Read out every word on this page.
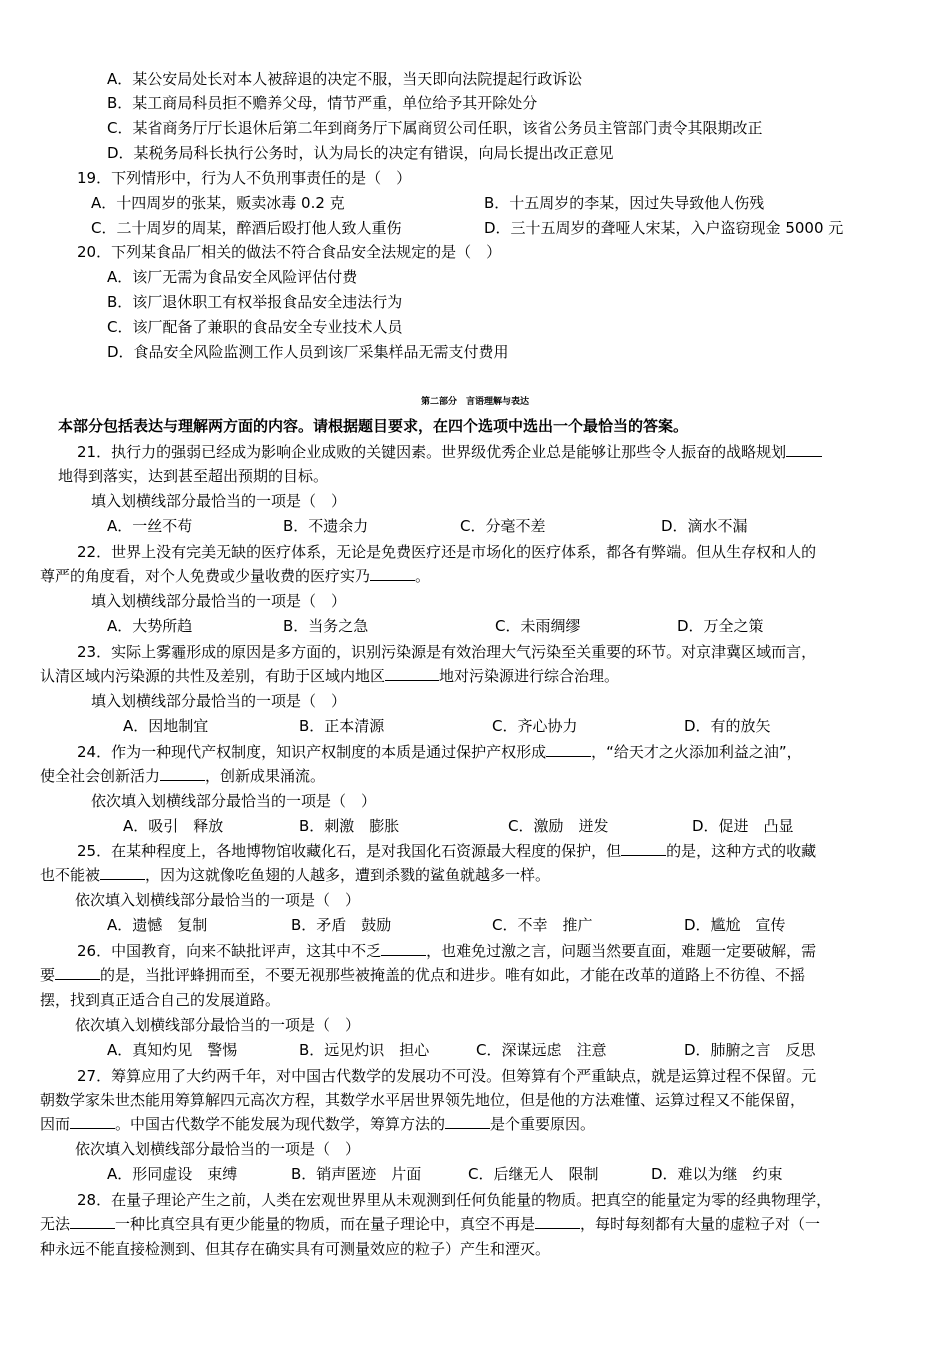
A．某公安局处长对本人被辞退的决定不服，当天即向法院提起行政诉讼
B．某工商局科员拒不赡养父母，情节严重，单位给予其开除处分
C．某省商务厅厅长退休后第二年到商务厅下属商贸公司任职，该省公务员主管部门责令其限期改正
D．某税务局科长执行公务时，认为局长的决定有错误，向局长提出改正意见
19．下列情形中，行为人不负刑事责任的是（　）
A．十四周岁的张某，贩卖冰毒 0.2 克	B．十五周岁的李某，因过失导致他人伤残
C．二十周岁的周某，醉酒后殴打他人致人重伤	D．三十五周岁的聋哑人宋某，入户盗窃现金 5000 元
20．下列某食品厂相关的做法不符合食品安全法规定的是（　）
A．该厂无需为食品安全风险评估付费
B．该厂退休职工有权举报食品安全违法行为
C．该厂配备了兼职的食品安全专业技术人员
D．食品安全风险监测工作人员到该厂采集样品无需支付费用
第二部分　言语理解与表达
本部分包括表达与理解两方面的内容。请根据题目要求，在四个选项中选出一个最恰当的答案。
21．执行力的强弱已经成为影响企业成败的关键因素。世界级优秀企业总是能够让那些令人振奋的战略规划
地得到落实，达到甚至超出预期的目标。
填入划横线部分最恰当的一项是（　）
A．一丝不苟	B．不遗余力	C．分毫不差	D．滴水不漏
22．世界上没有完美无缺的医疗体系，无论是免费医疗还是市场化的医疗体系，都各有弊端。但从生存权和人的
尊严的角度看，对个人免费或少量收费的医疗实乃	。
填入划横线部分最恰当的一项是（　）
A．大势所趋	B．当务之急	C．未雨绸缪	D．万全之策
23．实际上雾霾形成的原因是多方面的，识别污染源是有效治理大气污染至关重要的环节。对京津冀区域而言，
认清区域内污染源的共性及差别，有助于区域内地区	地对污染源进行综合治理。
填入划横线部分最恰当的一项是（　）
A．因地制宜	B．正本清源	C．齐心协力	D．有的放矢
24．作为一种现代产权制度，知识产权制度的本质是通过保护产权形成	，“给天才之火添加利益之油”，
使全社会创新活力	，创新成果涌流。
依次填入划横线部分最恰当的一项是（　）
A．吸引　释放	B．刺激　膨胀	C．激励　迸发	D．促进　凸显
25．在某种程度上，各地博物馆收藏化石，是对我国化石资源最大程度的保护，但	的是，这种方式的收藏
也不能被	，因为这就像吃鱼翅的人越多，遭到杀戮的鲨鱼就越多一样。
依次填入划横线部分最恰当的一项是（　）
A．遗憾　复制	B．矛盾　鼓励	C．不幸　推广	D．尴尬　宣传
26．中国教育，向来不缺批评声，这其中不乏	，也难免过激之言，问题当然要直面，难题一定要破解，需
要	的是，当批评蜂拥而至，不要无视那些被掩盖的优点和进步。唯有如此，才能在改革的道路上不彷徨、不摇
摆，找到真正适合自己的发展道路。
依次填入划横线部分最恰当的一项是（　）
A．真知灼见　警惕	B．远见灼识　担心	C．深谋远虑　注意	D．肺腑之言　反思
27．筹算应用了大约两千年，对中国古代数学的发展功不可没。但筹算有个严重缺点，就是运算过程不保留。元
朝数学家朱世杰能用筹算解四元高次方程，其数学水平居世界领先地位，但是他的方法难懂、运算过程又不能保留，
因而	。中国古代数学不能发展为现代数学，筹算方法的	是个重要原因。
依次填入划横线部分最恰当的一项是（　）
A．形同虚设　束缚	B．销声匿迹　片面	C．后继无人　限制	D．难以为继　约束
28．在量子理论产生之前，人类在宏观世界里从未观测到任何负能量的物质。把真空的能量定为零的经典物理学，
无法	一种比真空具有更少能量的物质，而在量子理论中，真空不再是	，每时每刻都有大量的虚粒子对（一
种永远不能直接检测到、但其存在确实具有可测量效应的粒子）产生和湮灭。
